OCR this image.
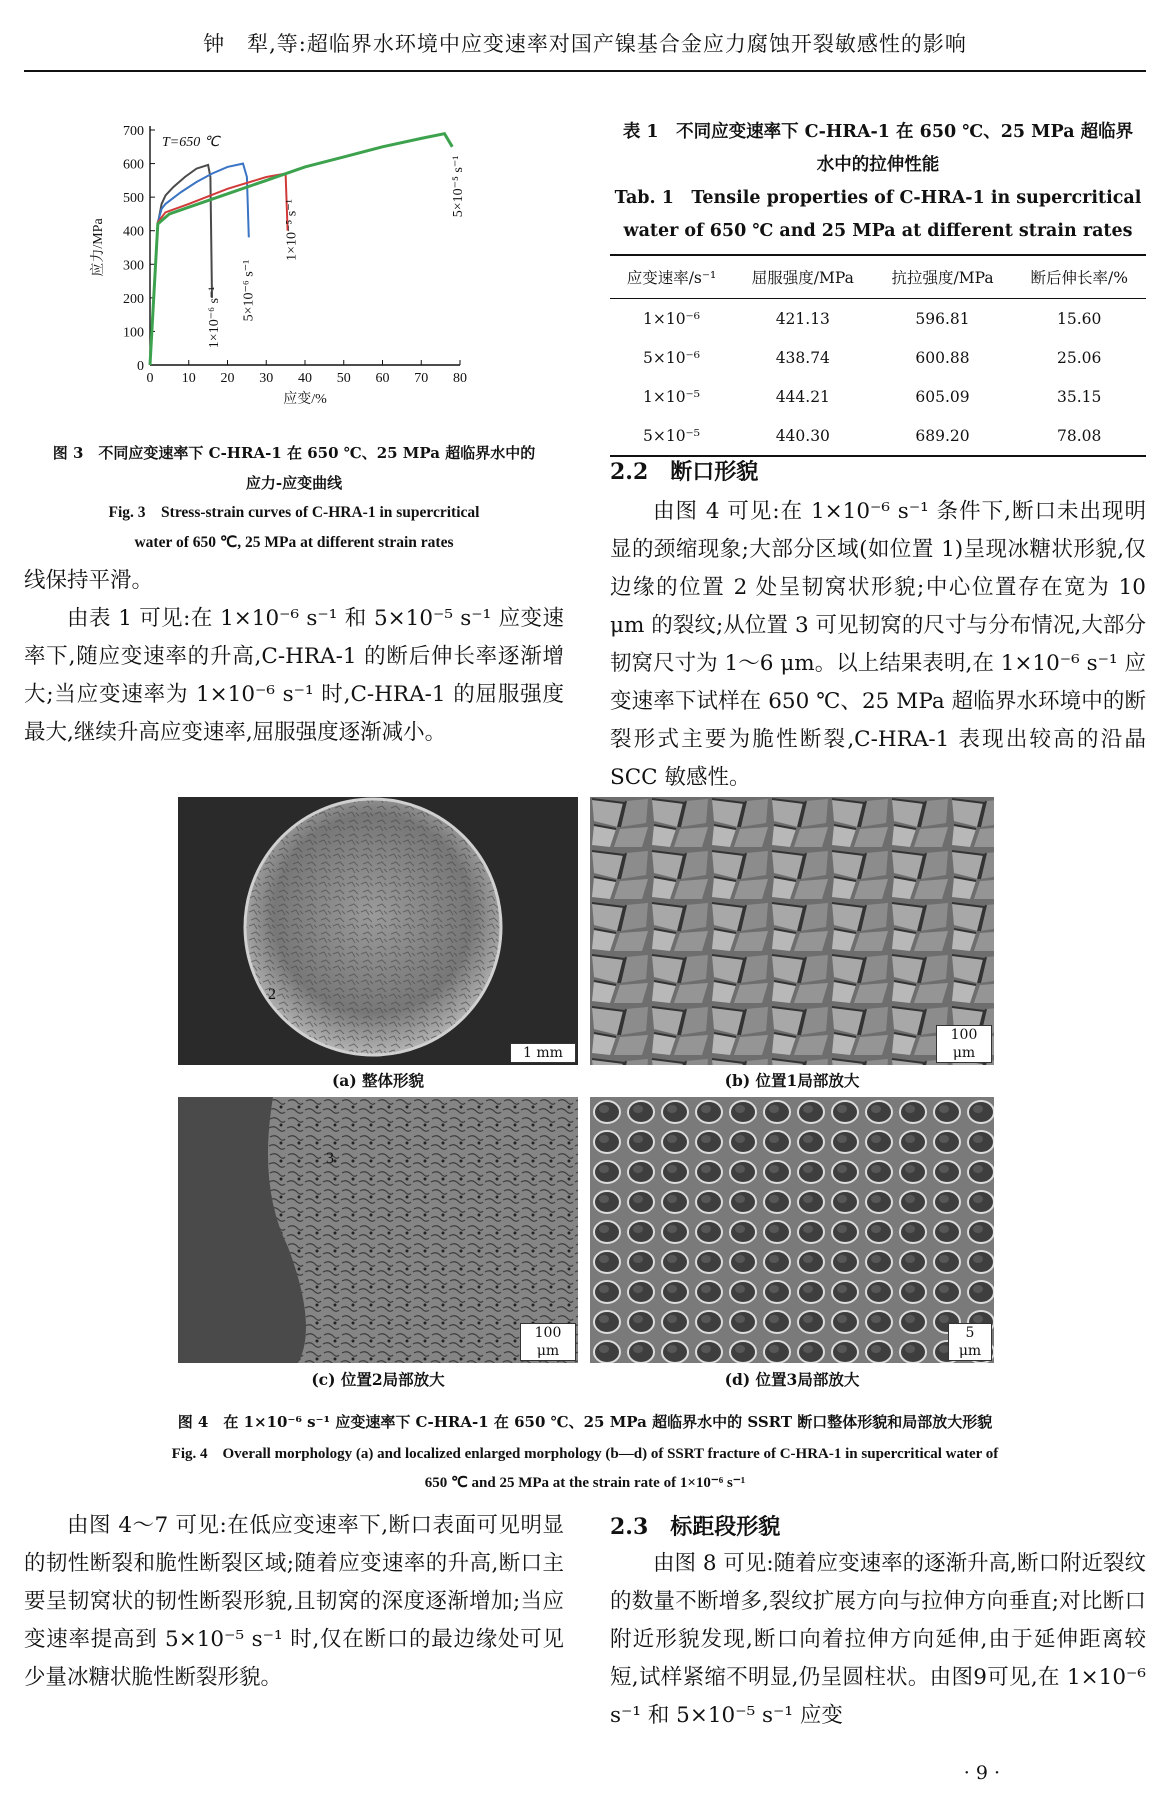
钟　犁,等:超临界水环境中应变速率对国产镍基合金应力腐蚀开裂敏感性的影响
0 10 20 30 40 50 60 70 80
0
100
200
300
400
500
600
700
应变/%
应力/MPa
T=650 ℃
1×10⁻⁶ s⁻¹ 5×10⁻⁶ s⁻¹
1×10⁻⁵ s⁻¹
5×10⁻⁵ s⁻¹
图 3　不同应变速率下 C-HRA-1 在 650 ℃、25 MPa 超临界水中的
应力-应变曲线
Fig. 3　Stress-strain curves of C-HRA-1 in supercritical
water of 650 ℃, 25 MPa at different strain rates
线保持平滑。
由表 1 可见:在 1×10⁻⁶ s⁻¹ 和 5×10⁻⁵ s⁻¹ 应变速率下,随应变速率的升高,C-HRA-1 的断后伸长率逐渐增大;当应变速率为 1×10⁻⁶ s⁻¹ 时,C-HRA-1 的屈服强度最大,继续升高应变速率,屈服强度逐渐减小。
表 1　不同应变速率下 C-HRA-1 在 650 ℃、25 MPa 超临界
水中的拉伸性能
Tab. 1　Tensile properties of C-HRA-1 in supercritical
water of 650 ℃ and 25 MPa at different strain rates
应变速率/s⁻¹	屈服强度/MPa	抗拉强度/MPa	断后伸长率/%
1×10⁻⁶	421.13	596.81	15.60
5×10⁻⁶	438.74	600.88	25.06
1×10⁻⁵	444.21	605.09	35.15
5×10⁻⁵	440.30	689.20	78.08
2.2　断口形貌
由图 4 可见:在 1×10⁻⁶ s⁻¹ 条件下,断口未出现明显的颈缩现象;大部分区域(如位置 1)呈现冰糖状形貌,仅边缘的位置 2 处呈韧窝状形貌;中心位置存在宽为 10 μm 的裂纹;从位置 3 可见韧窝的尺寸与分布情况,大部分韧窝尺寸为 1～6 μm。以上结果表明,在 1×10⁻⁶ s⁻¹ 应变速率下试样在 650 ℃、25 MPa 超临界水环境中的断裂形式主要为脆性断裂,C-HRA-1 表现出较高的沿晶 SCC 敏感性。
2
1 mm
100 μm
3
100 μm
5 μm
(a) 整体形貌	(b) 位置1局部放大
(c) 位置2局部放大	(d) 位置3局部放大
图 4　在 1×10⁻⁶ s⁻¹ 应变速率下 C-HRA-1 在 650 ℃、25 MPa 超临界水中的 SSRT 断口整体形貌和局部放大形貌
Fig. 4　Overall morphology (a) and localized enlarged morphology (b—d) of SSRT fracture of C-HRA-1 in supercritical water of
650 ℃ and 25 MPa at the strain rate of 1×10⁻⁶ s⁻¹
由图 4～7 可见:在低应变速率下,断口表面可见明显的韧性断裂和脆性断裂区域;随着应变速率的升高,断口主要呈韧窝状的韧性断裂形貌,且韧窝的深度逐渐增加;当应变速率提高到 5×10⁻⁵ s⁻¹ 时,仅在断口的最边缘处可见少量冰糖状脆性断裂形貌。
2.3　标距段形貌
由图 8 可见:随着应变速率的逐渐升高,断口附近裂纹的数量不断增多,裂纹扩展方向与拉伸方向垂直;对比断口附近形貌发现,断口向着拉伸方向延伸,由于延伸距离较短,试样紧缩不明显,仍呈圆柱状。由图9可见,在 1×10⁻⁶ s⁻¹ 和 5×10⁻⁵ s⁻¹ 应变
· 9 ·
